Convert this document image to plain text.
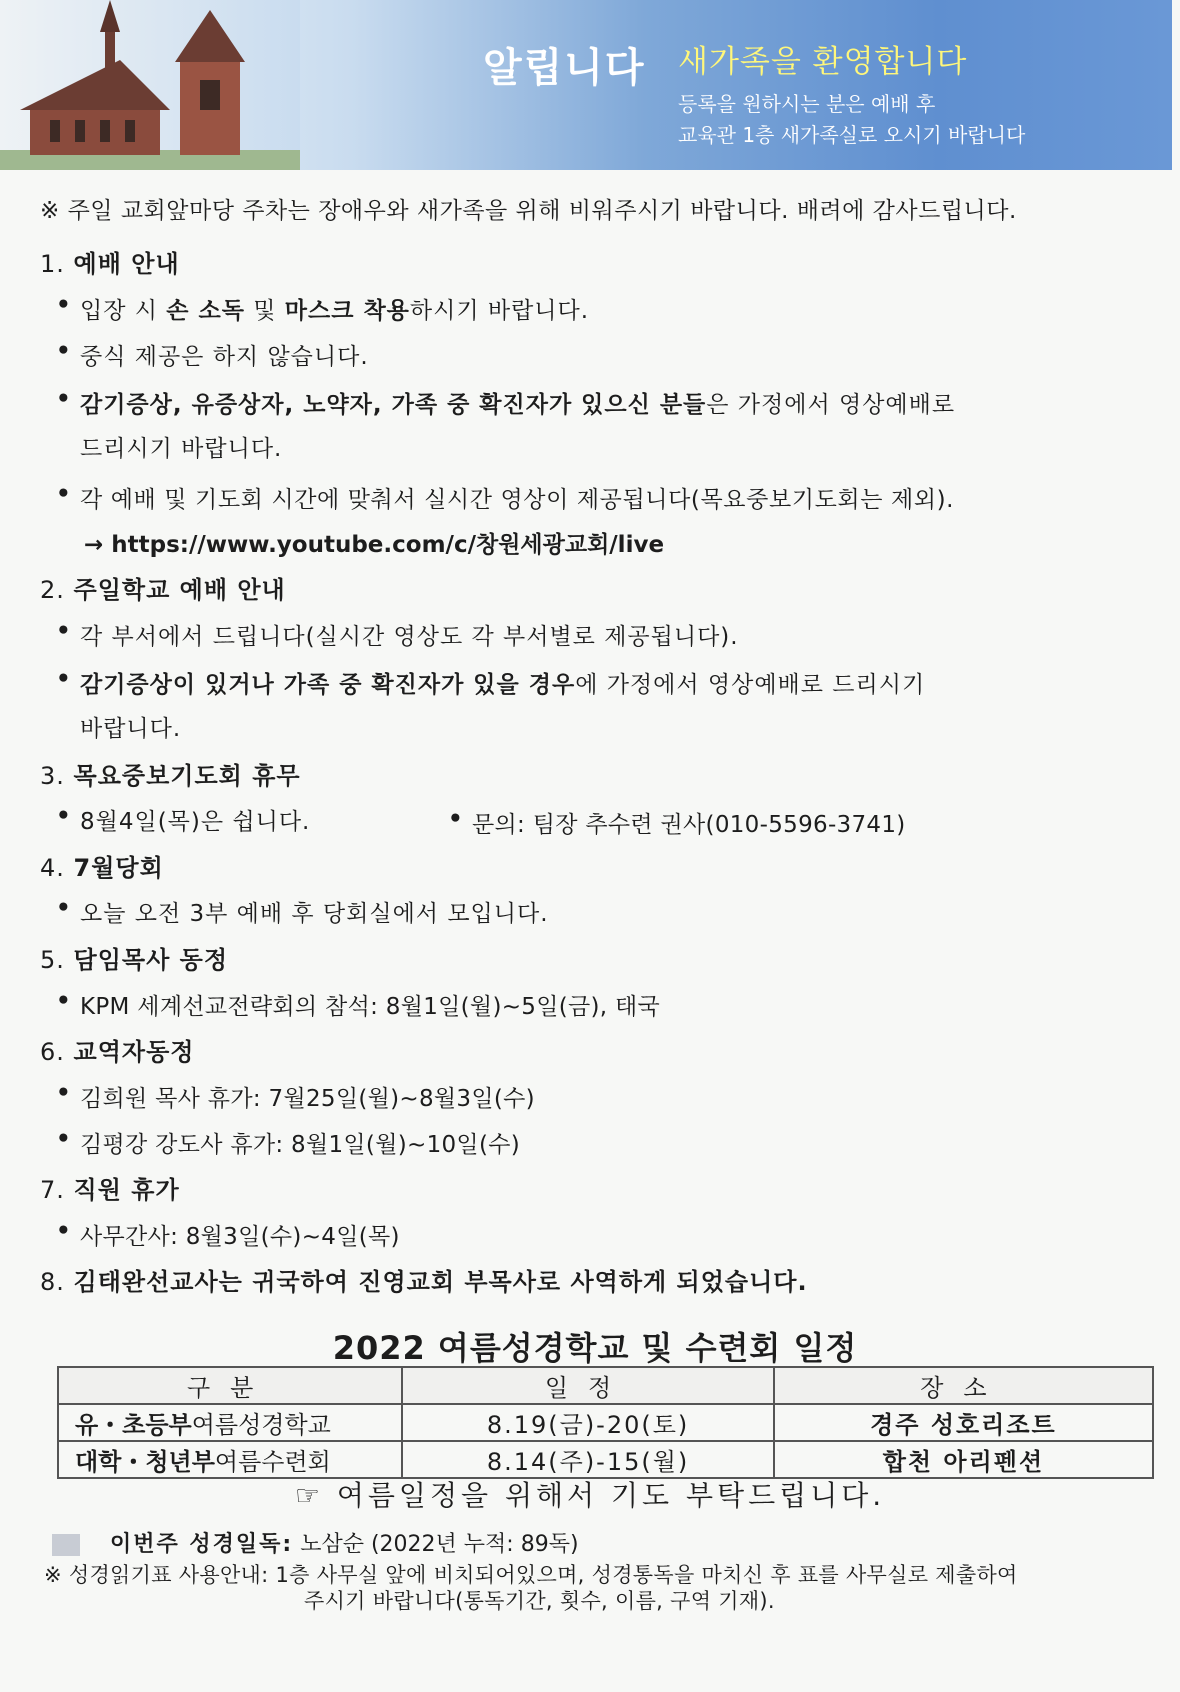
알립니다 새가족을 환영합니다
등록을 원하시는 분은 예배 후
교육관 1층 새가족실로 오시기 바랍니다
※ 주일 교회앞마당 주차는 장애우와 새가족을 위해 비워주시기 바랍니다. 배려에 감사드립니다.
1. 예배 안내
• 입장 시 손 소독 및 마스크 착용하시기 바랍니다.
• 중식 제공은 하지 않습니다.
• 감기증상, 유증상자, 노약자, 가족 중 확진자가 있으신 분들은 가정에서 영상예배로
드리시기 바랍니다.
• 각 예배 및 기도회 시간에 맞춰서 실시간 영상이 제공됩니다(목요중보기도회는 제외).
→ https://www.youtube.com/c/창원세광교회/live
2. 주일학교 예배 안내
• 각 부서에서 드립니다(실시간 영상도 각 부서별로 제공됩니다).
• 감기증상이 있거나 가족 중 확진자가 있을 경우에 가정에서 영상예배로 드리시기
바랍니다.
3. 목요중보기도회 휴무
• 8월4일(목)은 쉽니다.	• 문의: 팀장 추수련 권사(010-5596-3741)
4. 7월당회
• 오늘 오전 3부 예배 후 당회실에서 모입니다.
5. 담임목사 동정
• KPM 세계선교전략회의 참석: 8월1일(월)~5일(금), 태국
6. 교역자동정
• 김희원 목사 휴가: 7월25일(월)~8월3일(수)
• 김평강 강도사 휴가: 8월1일(월)~10일(수)
7. 직원 휴가
• 사무간사: 8월3일(수)~4일(목)
8. 김태완선교사는 귀국하여 진영교회 부목사로 사역하게 되었습니다.
2022 여름성경학교 및 수련회 일정
구분	일정	장소
유・초등부여름성경학교	8.19(금)-20(토)	경주 성호리조트
대학・청년부여름수련회	8.14(주)-15(월)	합천 아리펜션
☞ 여름일정을 위해서 기도 부탁드립니다.
이번주 성경일독: 노삼순 (2022년 누적: 89독)
※ 성경읽기표 사용안내: 1층 사무실 앞에 비치되어있으며, 성경통독을 마치신 후 표를 사무실로 제출하여
주시기 바랍니다(통독기간, 횟수, 이름, 구역 기재).
